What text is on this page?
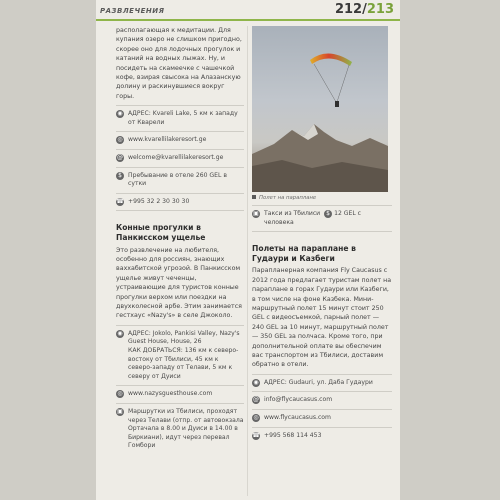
РАЗВЛЕЧЕНИЯ	212/213

располагающая к медитации. Для купания озеро не слишком пригодно, скорее оно для лодочных прогулок и катаний на водных лыжах. Ну, и посидеть на скамеечке с чашечкой кофе, взирая свысока на Алазанскую долину и раскинувшиеся вокруг горы.

◉ АДРЕС: Kvareli Lake, 5 км к западу от Кварели
◎ www.kvarellilakeresort.ge
@ welcome@kvarellilakeresort.ge
$ Пребывание в отеле 260 GEL в сутки
☎ +995 32 2 30 30 30

Конные прогулки в Панкисском ущелье

Это развлечение на любителя, особенно для россиян, знающих ваххабитской угрозой. В Панкисском ущелье живут чеченцы, устраивающие для туристов конные прогулки верхом или поездки на двухколесной арбе. Этим занимается гестхаус «Nazy's» в селе Джоколо.

◉ АДРЕС: Jokolo, Pankisi Valley, Nazy's Guest House, House, 26
КАК ДОБРАТЬСЯ: 136 км к северо-востоку от Тбилиси, 45 км к северо-западу от Телави, 5 км к северу от Дуиси
◎ www.nazysguesthouse.com
▣ Маршрутки из Тбилиси, проходят через Телави (отпр. от автовокзала Ортачала в 8.00 и Дуиси в 14.00 в Биркиани), идут через перевал Гомбори
Полет на параплане
▣ Такси из Тбилиси $ 12 GEL с человека

Полеты на параплане в Гудаури и Казбеги

Парапланерная компания Fly Caucasus с 2012 года предлагает туристам полет на параплане в горах Гудаури или Казбеги, в том числе на фоне Казбека. Мини-маршрутный полет 15 минут стоит 250 GEL с видеосъемкой, парный полет — 240 GEL за 10 минут, маршрутный полет — 350 GEL за полчаса. Кроме того, при дополнительной оплате вы обеспечим вас транспортом из Тбилиси, доставим обратно в отели.

◉ АДРЕС: Gudauri, ул. Даба Гудаури
@ info@flycaucasus.com
◎ www.flycaucasus.com
☎ +995 568 114 453
